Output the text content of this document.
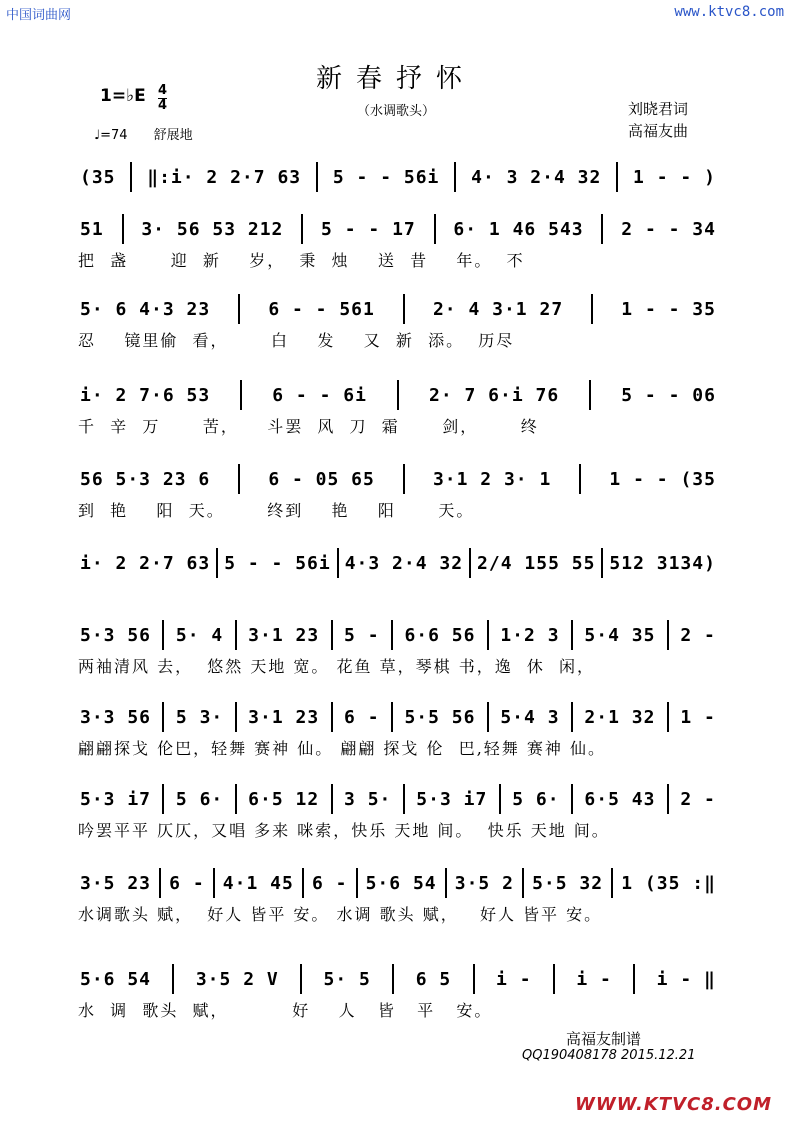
中国词曲网	www.ktvc8.com
新春抒怀
（水调歌头）
1=♭E 4
4
♩=74　　舒展地
刘晓君词
高福友曲
(35 ‖:i· 2 2·7 63 5 - - 56i 4· 3 2·4 32 1 - - )
51 3· 56 53 212 5 - - 17 6· 1 46 543 2 - - 34
把  盏      迎  新    岁，  秉  烛    送  昔    年。  不
5· 6 4·3 23	6 - - 561	2· 4 3·1 27	1 - - 35
忍    镜里偷  看，      白    发    又  新  添。  历尽
i· 2 7·6 53	6 - - 6i	2· 7 6·i 76	5 - - 06
千  辛  万      苦，    斗罢  风  刀  霜      剑，      终
56 5·3 23 6	6 - 05 65	3·1 2 3· 1	1 - - (35
到  艳    阳  天。      终到    艳    阳      天。
i· 2 2·7 63 5 - - 56i 4·3 2·4 32 2/4 155 55 512 3134)
5·3 56 5· 4 3·1 23 5 - 6·6 56 1·2 3 5·4 35 2 -
两袖清风 去，  悠然 天地 宽。 花鱼 草，琴棋 书，逸  休  闲，
3·3 56 5 3· 3·1 23 6 - 5·5 56 5·4 3 2·1 32 1 -
翩翩探戈 伦巴，轻舞 赛神 仙。 翩翩 探戈 伦  巴,轻舞 赛神 仙。
5·3 i7 5 6· 6·5 12 3 5· 5·3 i7 5 6· 6·5 43 2 -
吟罢平平 仄仄，又唱 多来 咪索，快乐 天地 间。  快乐 天地 间。
3·5 23 6 - 4·1 45 6 - 5·6 54 3·5 2 5·5 32 1 (35 :‖
水调歌头 赋，  好人 皆平 安。 水调 歌头 赋，   好人 皆平 安。
5·6 54 3·5 2 V 5· 5 6 5 i - i - i - ‖
水  调  歌头  赋，         好    人   皆   平   安。
高福友制谱
QQ190408178 2015.12.21
WWW.KTVC8.COM
